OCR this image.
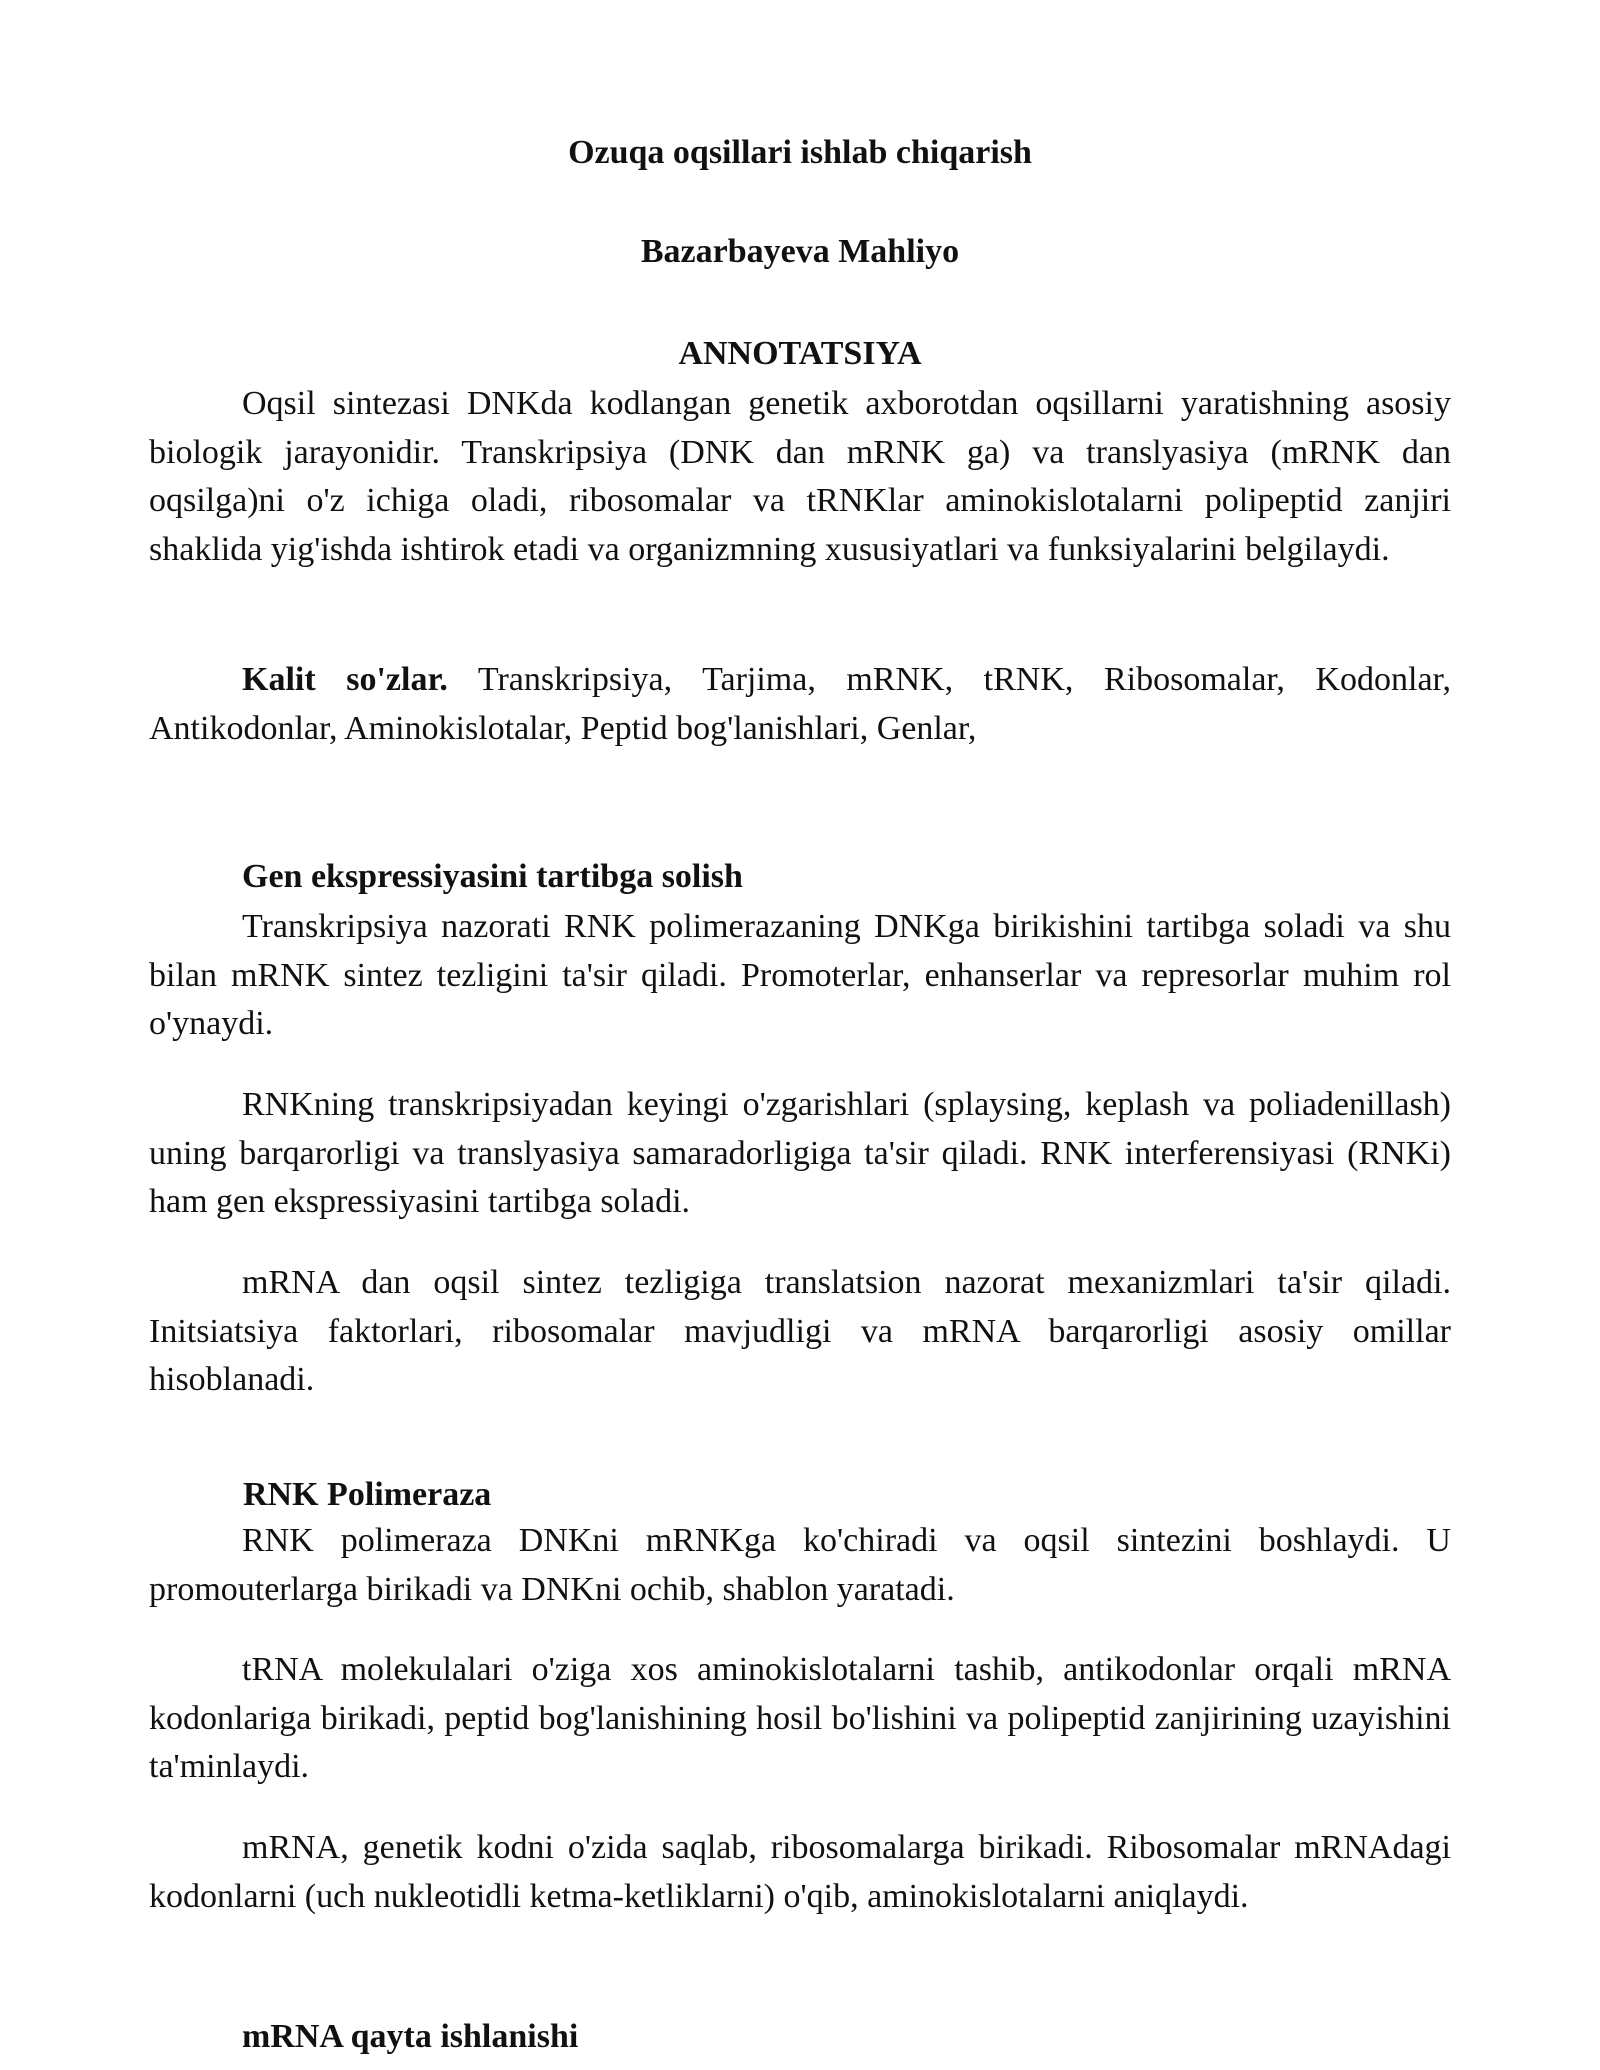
Ozuqa oqsillari ishlab chiqarish
Bazarbayeva Mahliyo
ANNOTATSIYA

Oqsil sintezasi DNKda kodlangan genetik axborotdan oqsillarni yaratishning asosiy biologik jarayonidir. Transkripsiya (DNK dan mRNK ga) va translyasiya (mRNK dan oqsilga)ni o'z ichiga oladi, ribosomalar va tRNKlar aminokislotalarni polipeptid zanjiri shaklida yig'ishda ishtirok etadi va organizmning xususiyatlari va funksiyalarini belgilaydi.

Kalit so'zlar. Transkripsiya, Tarjima, mRNK, tRNK, Ribosomalar, Kodonlar, Antikodonlar, Aminokislotalar, Peptid bog'lanishlari, Genlar,

Gen ekspressiyasini tartibga solish

Transkripsiya nazorati RNK polimerazaning DNKga birikishini tartibga soladi va shu bilan mRNK sintez tezligini ta'sir qiladi. Promoterlar, enhanserlar va represorlar muhim rol o'ynaydi.

RNKning transkripsiyadan keyingi o'zgarishlari (splaysing, keplash va poliadenillash) uning barqarorligi va translyasiya samaradorligiga ta'sir qiladi. RNK interferensiyasi (RNKi) ham gen ekspressiyasini tartibga soladi.

mRNA dan oqsil sintez tezligiga translatsion nazorat mexanizmlari ta'sir qiladi. Initsiatsiya faktorlari, ribosomalar mavjudligi va mRNA barqarorligi asosiy omillar hisoblanadi.

RNK Polimeraza

RNK polimeraza DNKni mRNKga ko'chiradi va oqsil sintezini boshlaydi. U promouterlarga birikadi va DNKni ochib, shablon yaratadi.

tRNA molekulalari o'ziga xos aminokislotalarni tashib, antikodonlar orqali mRNA kodonlariga birikadi, peptid bog'lanishining hosil bo'lishini va polipeptid zanjirining uzayishini ta'minlaydi.

mRNA, genetik kodni o'zida saqlab, ribosomalarga birikadi. Ribosomalar mRNAdagi kodonlarni (uch nukleotidli ketma-ketliklarni) o'qib, aminokislotalarni aniqlaydi.

mRNA qayta ishlanishi
